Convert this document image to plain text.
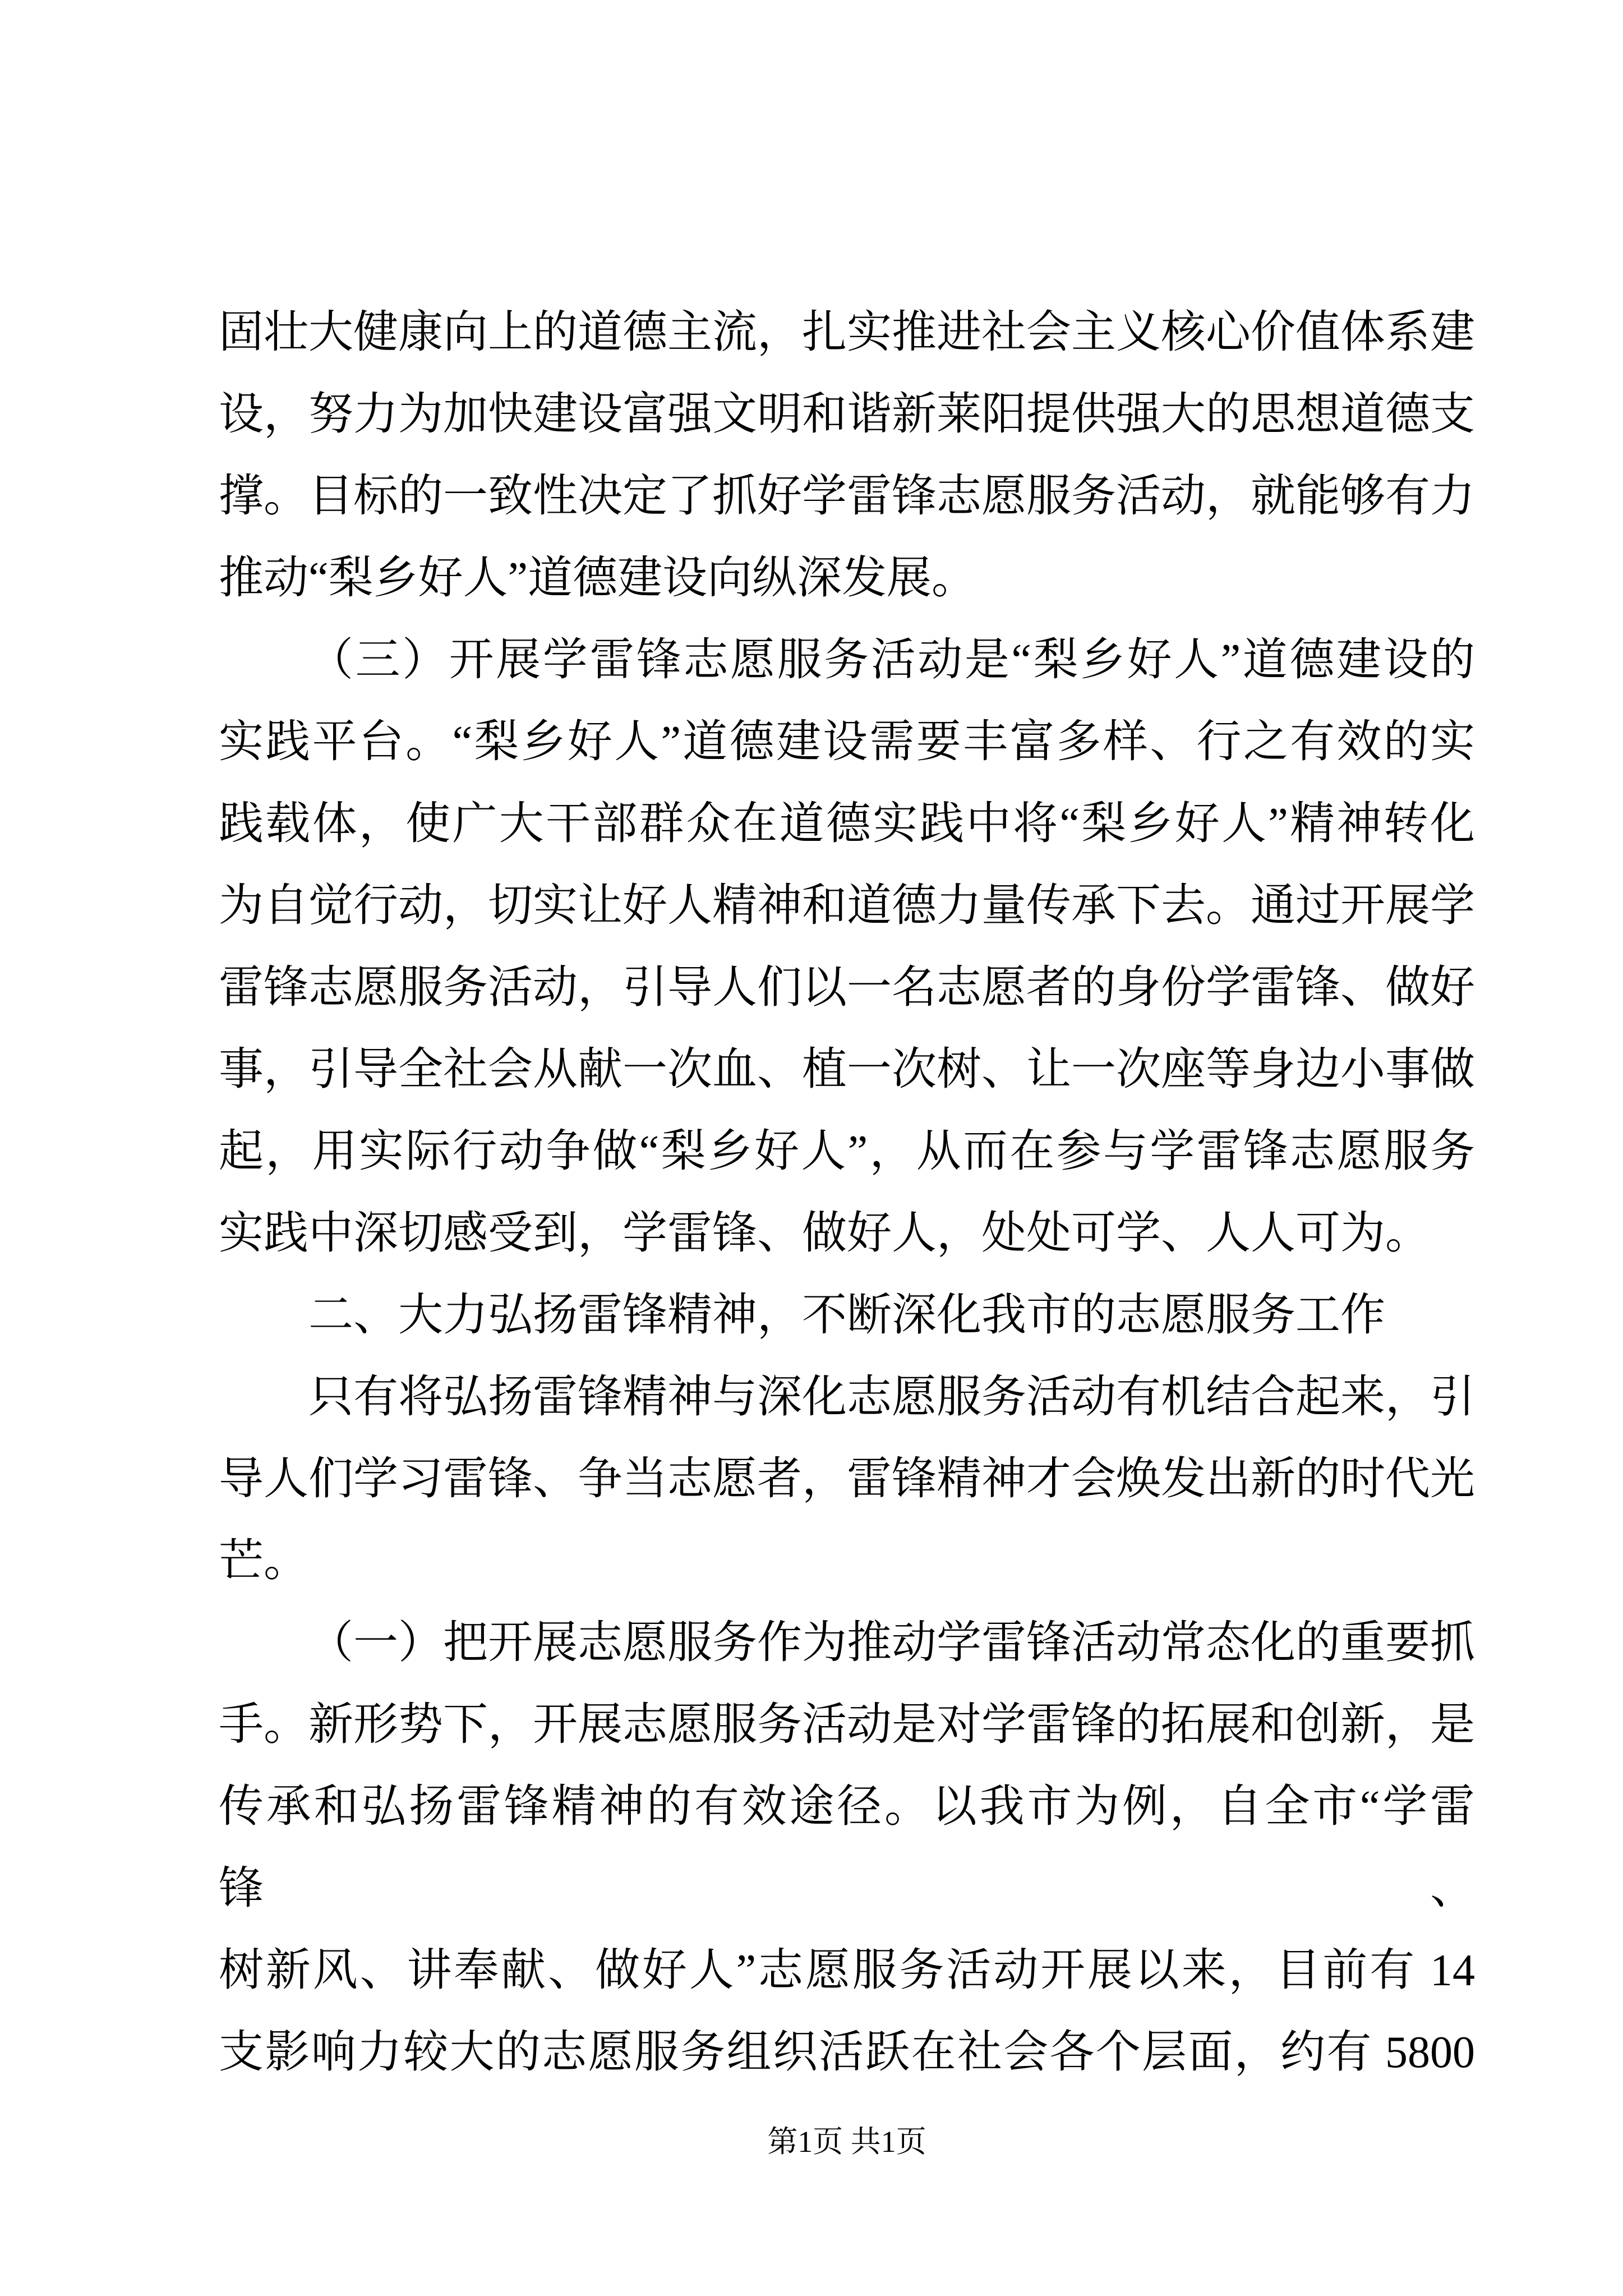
固壮大健康向上的道德主流，扎实推进社会主义核心价值体系建
设，努力为加快建设富强文明和谐新莱阳提供强大的思想道德支
撑。目标的一致性决定了抓好学雷锋志愿服务活动，就能够有力
推动“梨乡好人”道德建设向纵深发展。
（三）开展学雷锋志愿服务活动是“梨乡好人”道德建设的
实践平台。“梨乡好人”道德建设需要丰富多样、行之有效的实
践载体，使广大干部群众在道德实践中将“梨乡好人”精神转化
为自觉行动，切实让好人精神和道德力量传承下去。通过开展学
雷锋志愿服务活动，引导人们以一名志愿者的身份学雷锋、做好
事，引导全社会从献一次血、植一次树、让一次座等身边小事做
起，用实际行动争做“梨乡好人”，从而在参与学雷锋志愿服务
实践中深切感受到，学雷锋、做好人，处处可学、人人可为。
二、大力弘扬雷锋精神，不断深化我市的志愿服务工作
只有将弘扬雷锋精神与深化志愿服务活动有机结合起来，引
导人们学习雷锋、争当志愿者，雷锋精神才会焕发出新的时代光
芒。
（一）把开展志愿服务作为推动学雷锋活动常态化的重要抓
手。新形势下，开展志愿服务活动是对学雷锋的拓展和创新，是
传承和弘扬雷锋精神的有效途径。以我市为例，自全市“学雷锋、
树新风、讲奉献、做好人”志愿服务活动开展以来，目前有 14
支影响力较大的志愿服务组织活跃在社会各个层面，约有 5800
第1页 共1页
